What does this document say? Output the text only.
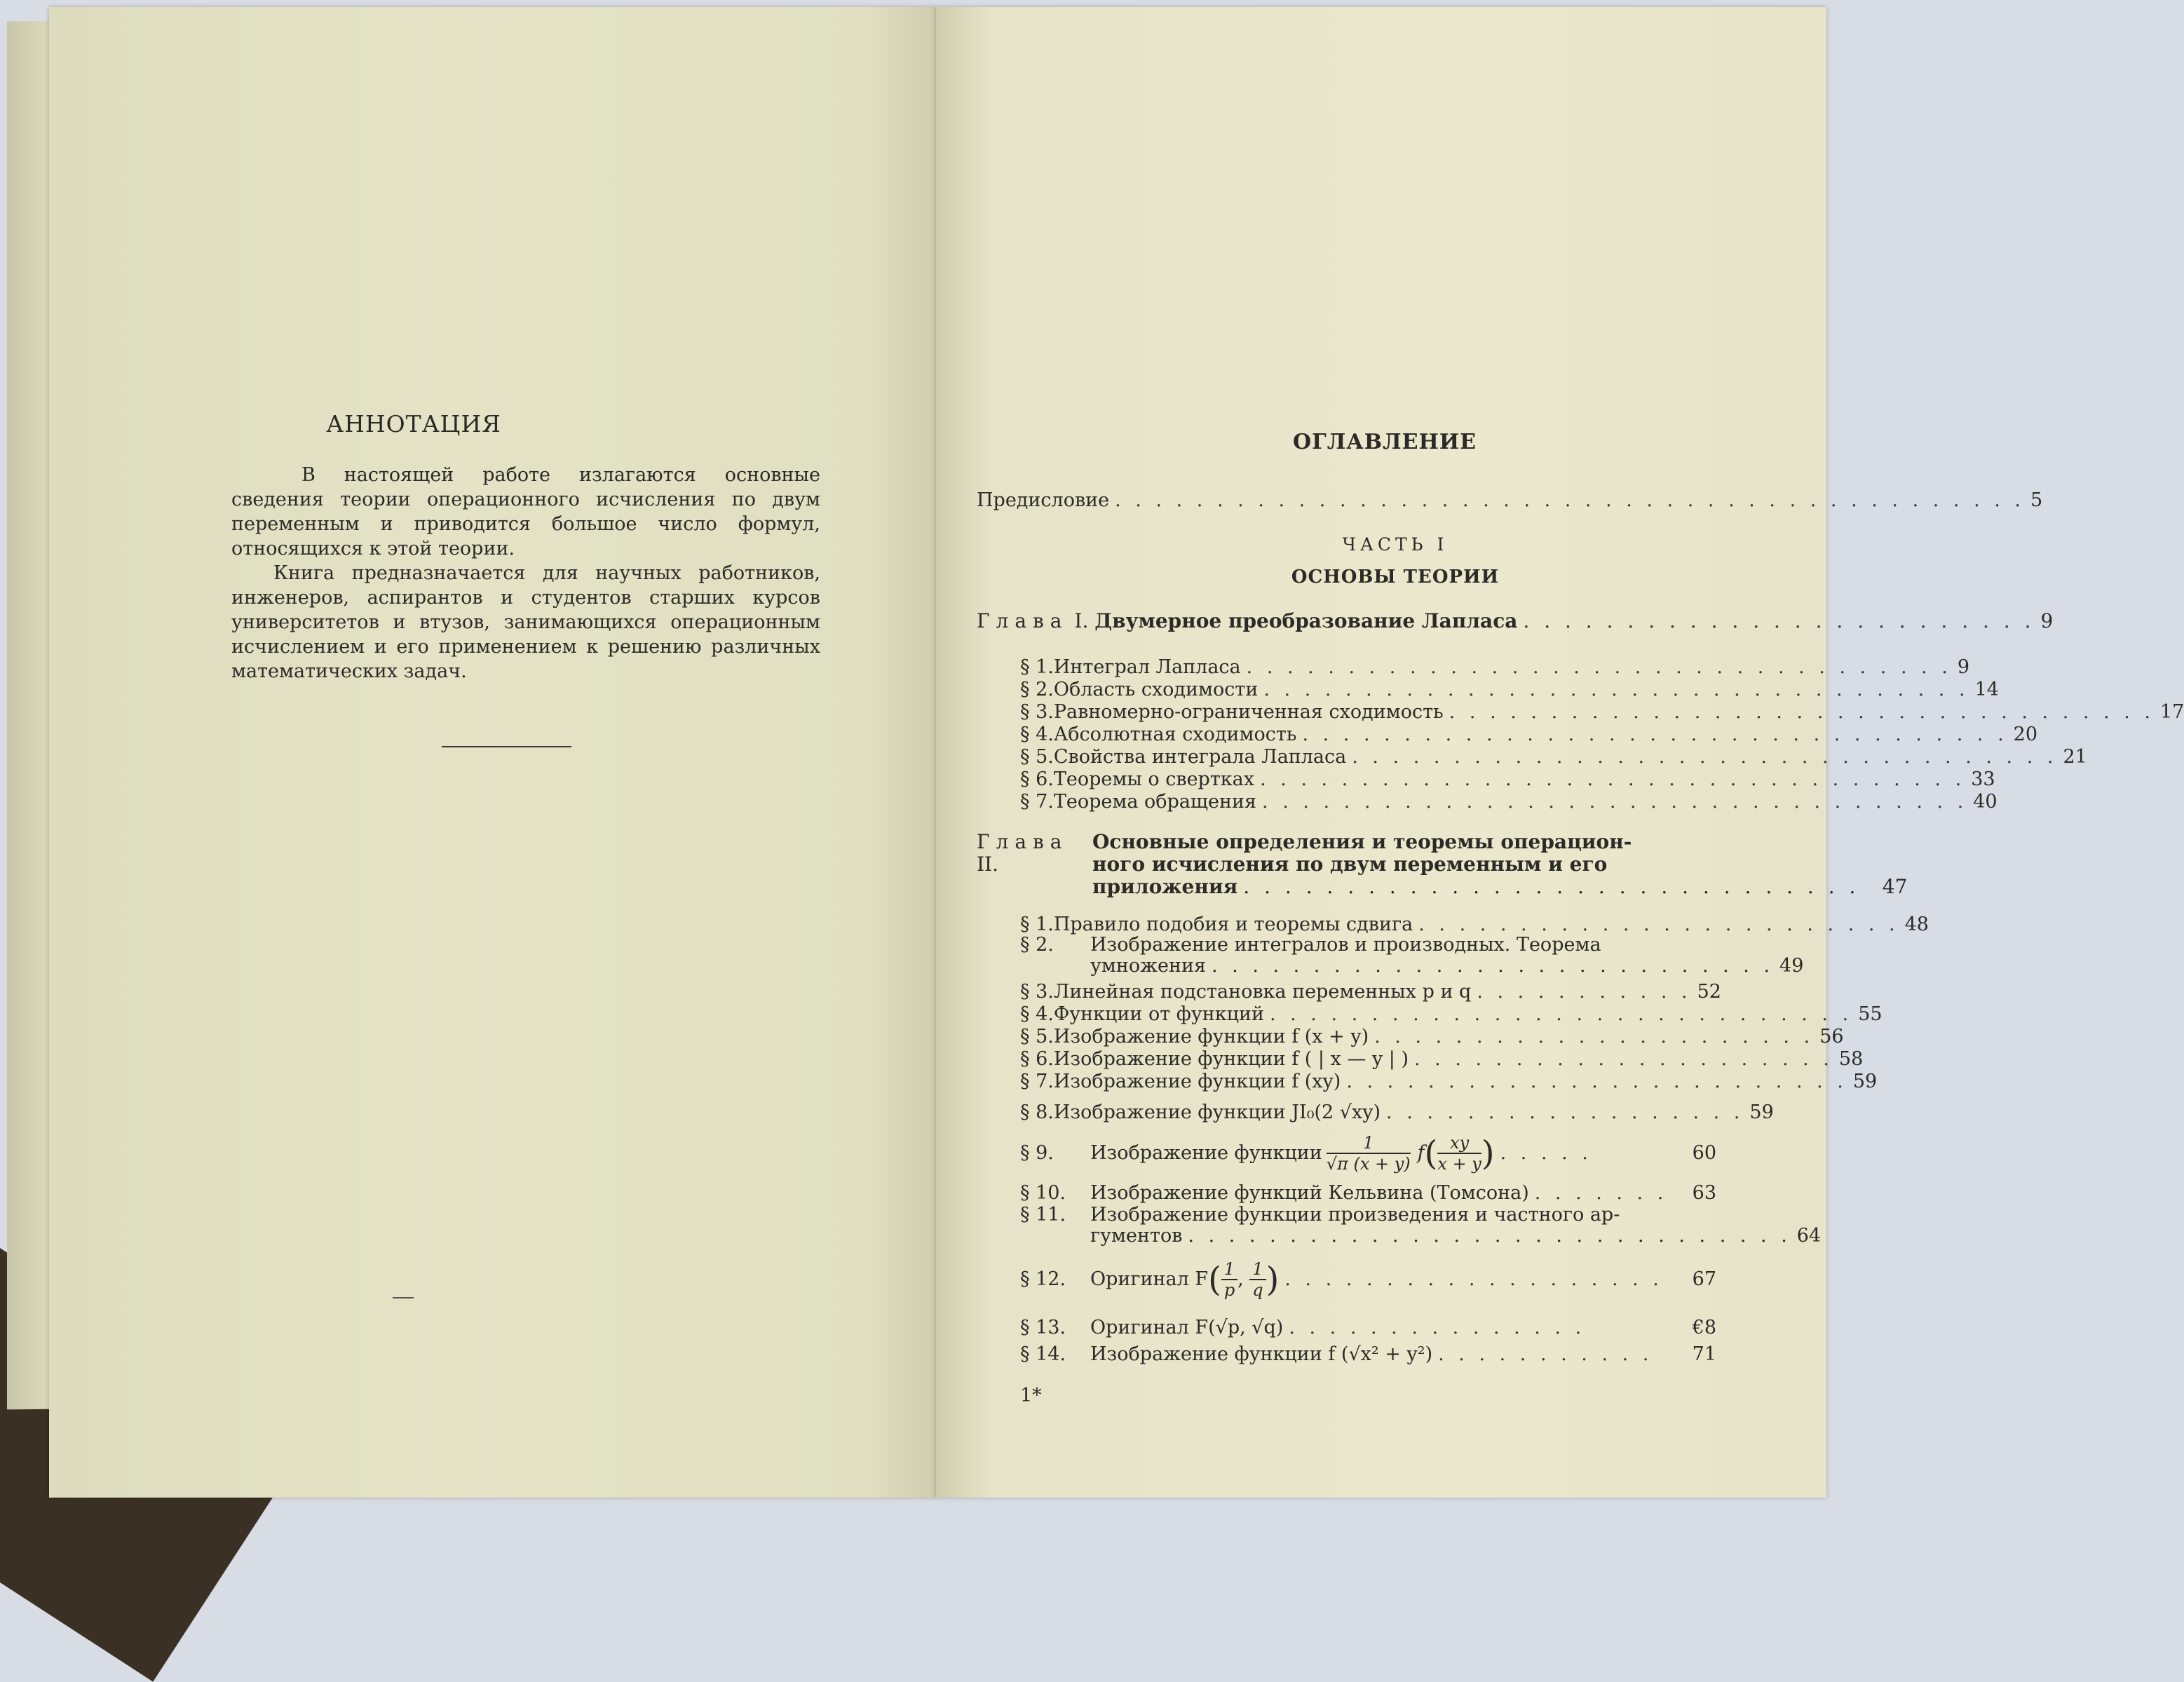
АННОТАЦИЯ

В настоящей работе излагаются основные сведения теории операционного исчисления по двум переменным и приводится большое число формул, относящихся к этой теории.

Книга предназначается для научных работников, инженеров, аспирантов и студентов старших курсов университетов и втузов, занимающихся операционным исчислением и его применением к решению различных математических задач.

ОГЛАВЛЕНИЕ
Предисловие . . . . . . . . . . . . . . . . . . . . . . . . . . . . . . . . . . . . . . . . . . . . . 5
ЧАСТЬ I
ОСНОВЫ ТЕОРИИ
Глава I. Двумерное преобразование Лапласа . . . . . . . . . . . . . . . . . . . . . . . . . 9
§ 1. Интеграл Лапласа . . . . . . . . . . . . . . . . . . . . . . . . . . . . . . . . . . . 9
§ 2. Область сходимости . . . . . . . . . . . . . . . . . . . . . . . . . . . . . . . . . . . 14
§ 3. Равномерно-ограниченная сходимость . . . . . . . . . . . . . . . . . . . . . . . . . . . . . . . . . . . 17
§ 4. Абсолютная сходимость . . . . . . . . . . . . . . . . . . . . . . . . . . . . . . . . . . . 20
§ 5. Свойства интеграла Лапласа . . . . . . . . . . . . . . . . . . . . . . . . . . . . . . . . . . . 21
§ 6. Теоремы о свертках . . . . . . . . . . . . . . . . . . . . . . . . . . . . . . . . . . . 33
§ 7. Теорема обращения . . . . . . . . . . . . . . . . . . . . . . . . . . . . . . . . . . . 40
Глава II.
Основные определения и теоремы операцион-
ного исчисления по двум переменным и его
приложения . . . . . . . . . . . . . . . . . . . . . . . . . . . . . .	47
§ 1. Правило подобия и теоремы сдвига . . . . . . . . . . . . . . . . . . . . . . . . 48
§ 2.	Изображение интегралов и производных. Теорема
умножения . . . . . . . . . . . . . . . . . . . . . . . . . . . . 49
§ 3. Линейная подстановка переменных p и q . . . . . . . . . . . 52
§ 4. Функции от функций . . . . . . . . . . . . . . . . . . . . . . . . . . . . . 55
§ 5. Изображение функции f (x + y) . . . . . . . . . . . . . . . . . . . . . . 56
§ 6. Изображение функции f ( | x — y | ) . . . . . . . . . . . . . . . . . . . . . 58
§ 7. Изображение функции f (xy) . . . . . . . . . . . . . . . . . . . . . . . . . 59
§ 8. Изображение функции JI₀(2 √xy) . . . . . . . . . . . . . . . . . . 59
§ 9.	Изображение функции $\frac{1}{√\pi (x + y)}$ f ( $\frac{xy}{x + y}$ ) . . . . .	60
§ 10.	Изображение функций Кельвина (Томсона) . . . . . . .	63
§ 11.	Изображение функции произведения и частного ар-
гументов . . . . . . . . . . . . . . . . . . . . . . . . . . . . . . 64
§ 12.	Оригинал F ( $\frac{1}{p}$ , $\frac{1}{q}$ ) . . . . . . . . . . . . . . . . . . .	67
§ 13.	Оригинал F(√p, √q) . . . . . . . . . . . . . . .	€8
§ 14.	Изображение функции f (√x² + y²) . . . . . . . . . . .	71
1*
